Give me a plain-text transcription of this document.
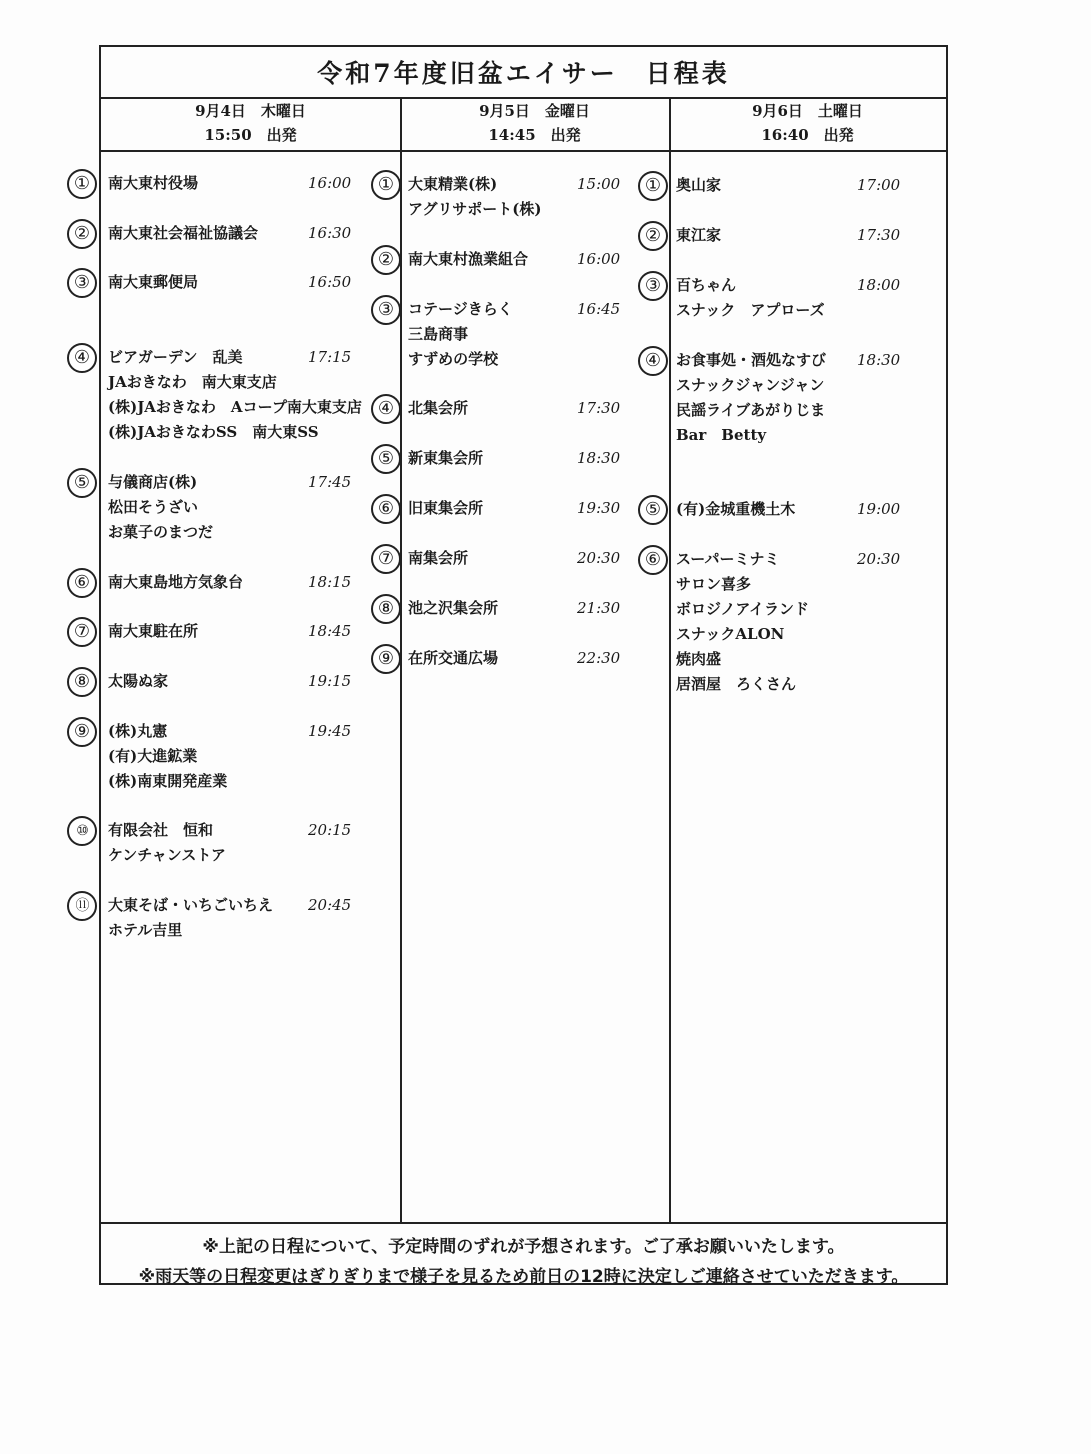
令和7年度旧盆エイサー　日程表
9月4日　木曜日
15:50　出発
9月5日　金曜日
14:45　出発
9月6日　土曜日
16:40　出発
※上記の日程について、予定時間のずれが予想されます。ご了承お願いいたします。
※雨天等の日程変更はぎりぎりまで様子を見るため前日の12時に決定しご連絡させていただきます。
①	南大東村役場	16:00
②	南大東社会福祉協議会	16:30
③	南大東郵便局	16:50
④	ビアガーデン　乱美
JAおきなわ　南大東支店
(株)JAおきなわ　Aコープ南大東支店
(株)JAおきなわSS　南大東SS
17:15
⑤	与儀商店(株)
松田そうざい
お菓子のまつだ
17:45
⑥	南大東島地方気象台	18:15
⑦	南大東駐在所	18:45
⑧	太陽ぬ家	19:15
⑨	(株)丸憲
(有)大進鉱業
(株)南東開発産業
19:45
⑩	有限会社　恒和
ケンチャンストア
20:15
⑪	大東そば・いちごいちえ
ホテル吉里
20:45
① 大東精業(株)
アグリサポート(株)
15:00
② 南大東村漁業組合	16:00
③ コテージきらく
三島商事
すずめの学校
16:45
④ 北集会所	17:30
⑤ 新東集会所	18:30
⑥ 旧東集会所	19:30
⑦ 南集会所	20:30
⑧ 池之沢集会所	21:30
⑨ 在所交通広場	22:30
① 奥山家	17:00
② 東江家	17:30
③ 百ちゃん
スナック　アプローズ
18:00
④ お食事処・酒処なすび
スナックジャンジャン
民謡ライブあがりじま
Bar　Betty
18:30
⑤ (有)金城重機土木	19:00
⑥ スーパーミナミ
サロン喜多
ボロジノアイランド
スナックALON
焼肉盛
居酒屋　ろくさん
20:30
